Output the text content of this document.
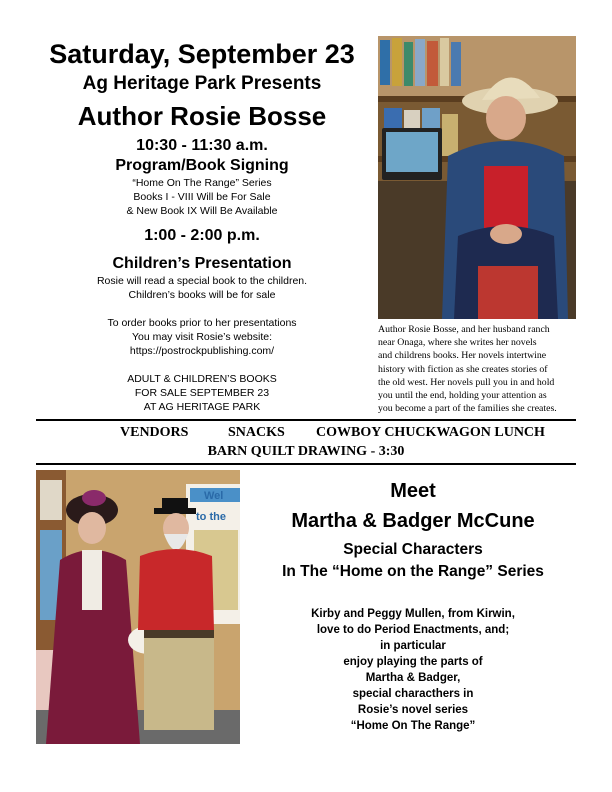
Saturday, September 23
Ag Heritage Park Presents
Author Rosie Bosse
10:30 - 11:30 a.m.
Program/Book Signing
“Home On The Range” Series
Books I - VIII Will be For Sale
& New Book IX Will Be Available
1:00 - 2:00 p.m.
Children’s Presentation
Rosie will read a special book to the children.
Children’s books will be for sale
To order books prior to her presentations
You may visit Rosie’s website:
https://postrockpublishing.com/
ADULT & CHILDREN’S BOOKS
FOR SALE SEPTEMBER 23
AT AG HERITAGE PARK
Author Rosie Bosse, and her husband ranch
near Onaga, where she writes her novels
and childrens books. Her novels intertwine
history with fiction as she creates stories of
the old west. Her novels pull you in and hold
you until the end, holding your attention as
you become a part of the families she creates.
VENDORS	SNACKS COWBOY CHUCKWAGON LUNCH
BARN QUILT DRAWING - 3:30
Wel
to the
Meet
Martha & Badger McCune
Special Characters
In The “Home on the Range” Series
Kirby and Peggy Mullen, from Kirwin,
love to do Period Enactments, and;
in particular
enjoy playing the parts of
Martha & Badger,
special characthers in
Rosie’s novel series
“Home On The Range”
